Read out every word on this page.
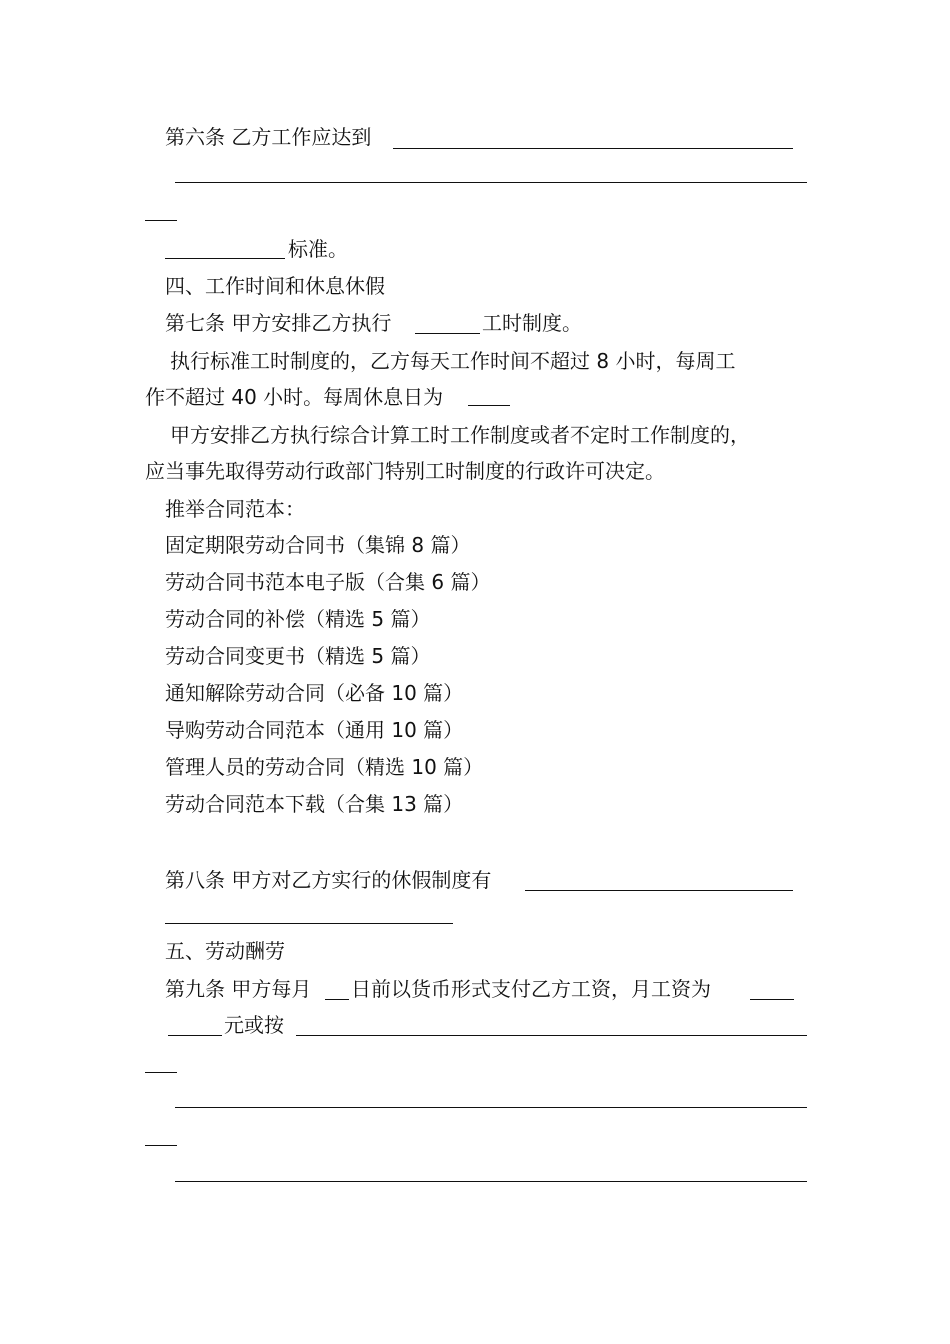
第六条 乙方工作应达到
标准。
四、工作时间和休息休假
第七条 甲方安排乙方执行	工时制度。
执行标准工时制度的，乙方每天工作时间不超过 8 小时，每周工
作不超过 40 小时。每周休息日为
甲方安排乙方执行综合计算工时工作制度或者不定时工作制度的，
应当事先取得劳动行政部门特别工时制度的行政许可决定。
推举合同范本：
固定期限劳动合同书（集锦 8 篇）
劳动合同书范本电子版（合集 6 篇）
劳动合同的补偿（精选 5 篇）
劳动合同变更书（精选 5 篇）
通知解除劳动合同（必备 10 篇）
导购劳动合同范本（通用 10 篇）
管理人员的劳动合同（精选 10 篇）
劳动合同范本下载（合集 13 篇）
第八条 甲方对乙方实行的休假制度有
五、劳动酬劳
第九条 甲方每月 日前以货币形式支付乙方工资，月工资为
元或按
